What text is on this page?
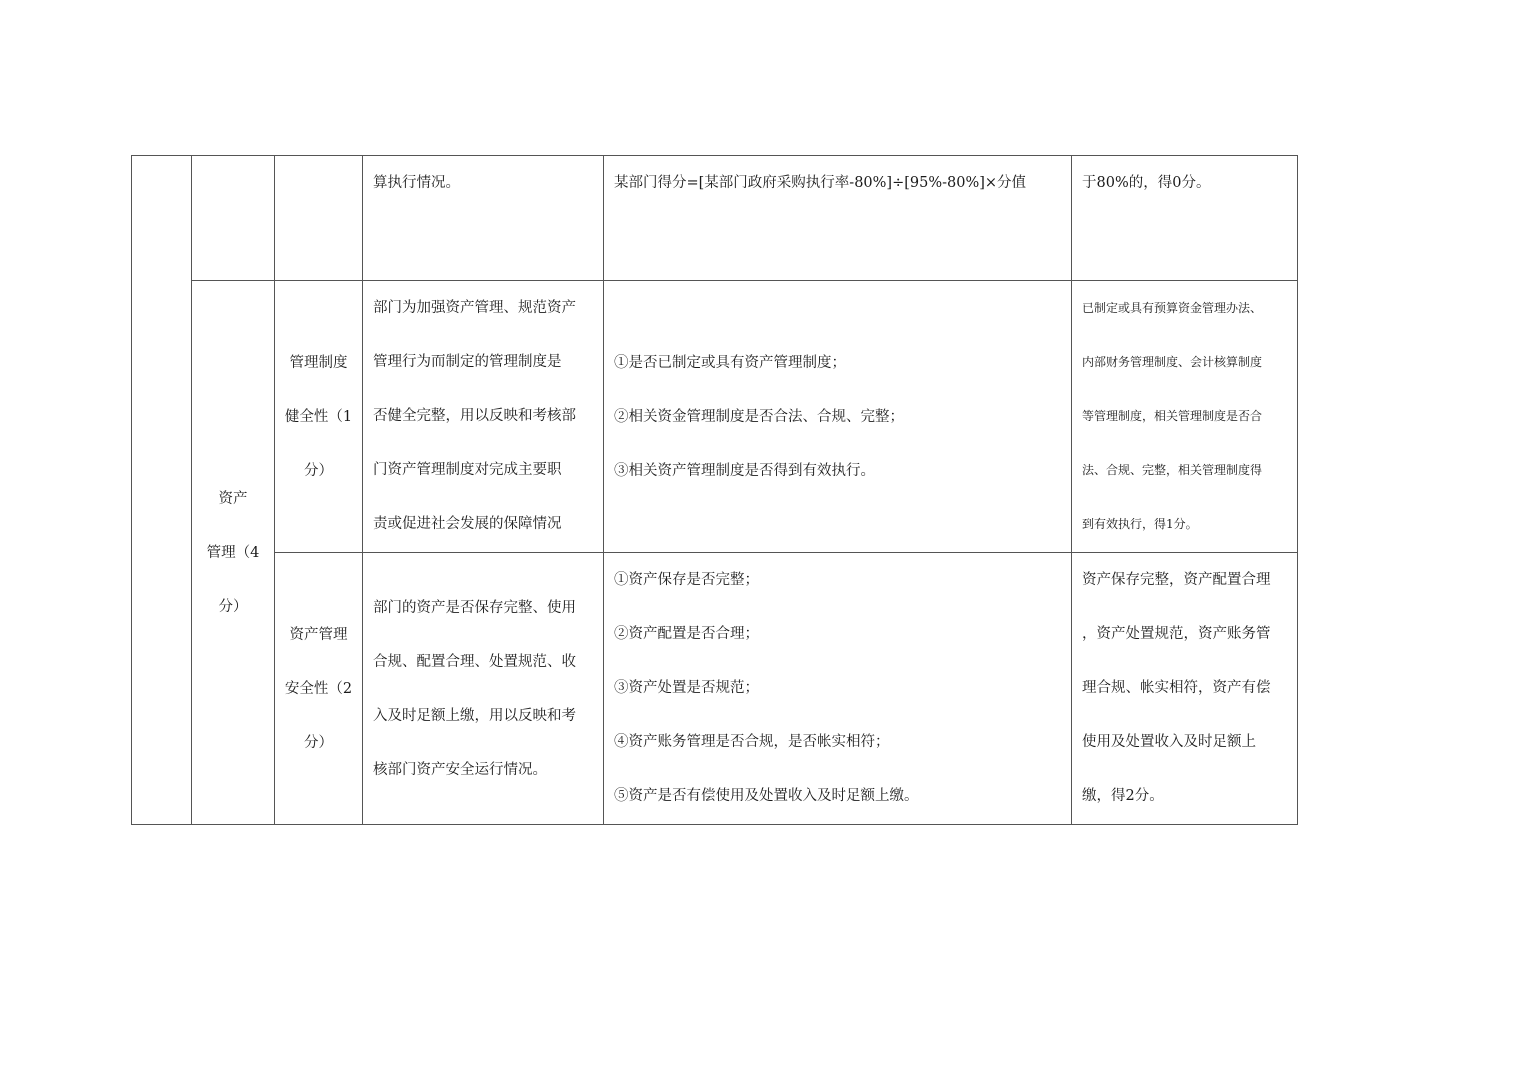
			算执行情况。	某部门得分=[某部门政府采购执行率-80%]÷[95%-80%]×分值	于80%的，得0分。

	资产
管理（4
分）	管理制度
健全性（1
分）	部门为加强资产管理、规范资产
管理行为而制定的管理制度是
否健全完整，用以反映和考核部
门资产管理制度对完成主要职
责或促进社会发展的保障情况	①是否已制定或具有资产管理制度；
②相关资金管理制度是否合法、合规、完整；
③相关资产管理制度是否得到有效执行。	已制定或具有预算资金管理办法、
内部财务管理制度、会计核算制度
等管理制度，相关管理制度是否合
法、合规、完整，相关管理制度得
到有效执行，得1分。

		资产管理
安全性（2
分）	部门的资产是否保存完整、使用
合规、配置合理、处置规范、收
入及时足额上缴，用以反映和考
核部门资产安全运行情况。	①资产保存是否完整；
②资产配置是否合理；
③资产处置是否规范；
④资产账务管理是否合规，是否帐实相符；
⑤资产是否有偿使用及处置收入及时足额上缴。	资产保存完整，资产配置合理
，资产处置规范，资产账务管
理合规、帐实相符，资产有偿
使用及处置收入及时足额上
缴，得2分。
